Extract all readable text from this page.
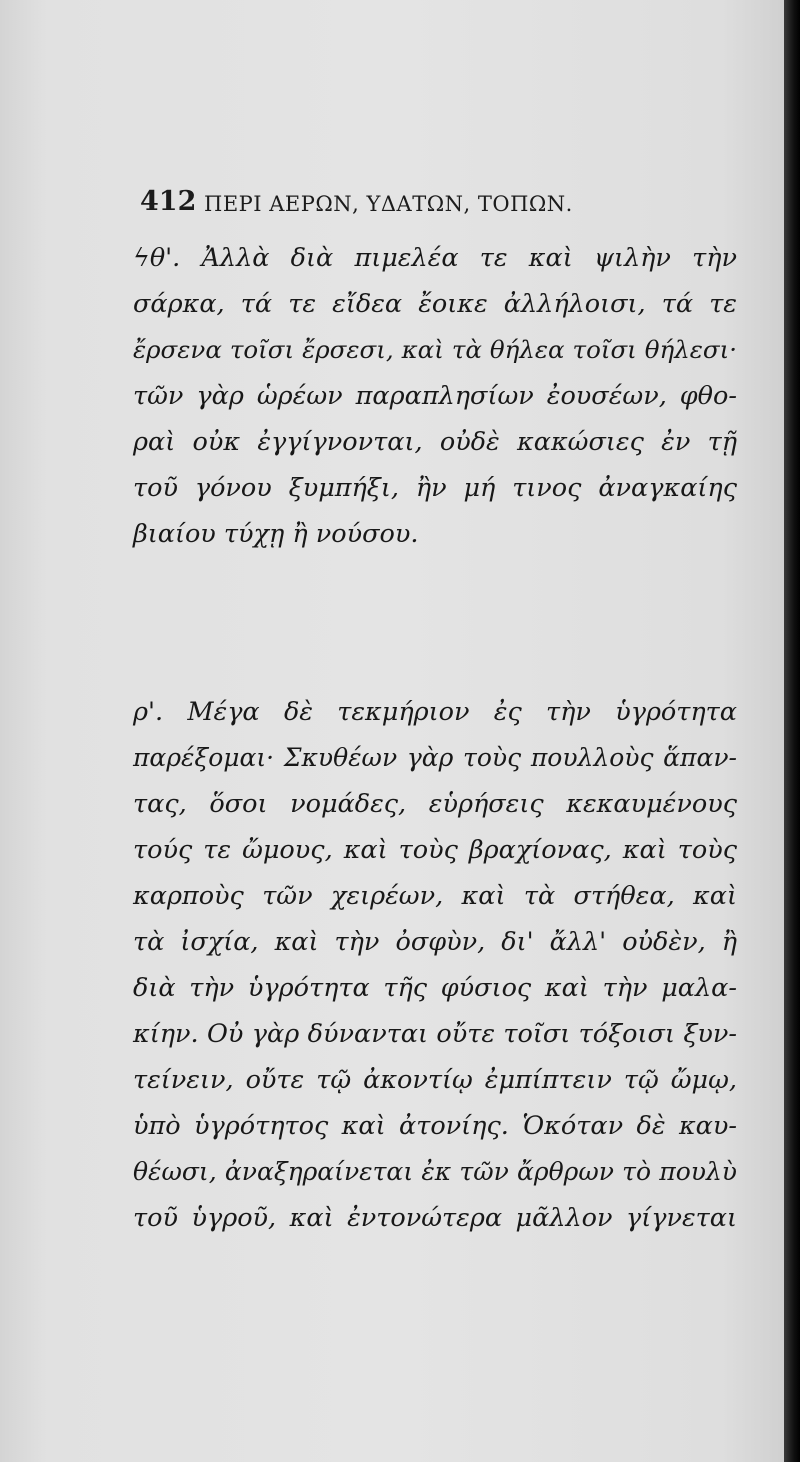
412 ΠΕΡΙ ΑΕΡΩΝ, ΥΔΑΤΩΝ, ΤΟΠΩΝ.
ϟθ'. Ἀλλὰ διὰ πιμελέα τε καὶ ψιλὴν τὴν
σάρκα, τά τε εἴδεα ἔοικε ἀλλήλοισι, τά τε
ἔρσενα τοῖσι ἔρσεσι, καὶ τὰ θήλεα τοῖσι θήλεσι·
τῶν γὰρ ὡρέων παραπλησίων ἐουσέων, φθο-
ραὶ οὐκ ἐγγίγνονται, οὐδὲ κακώσιες ἐν τῇ
τοῦ γόνου ξυμπήξι, ἢν μή τινος ἀναγκαίης
βιαίου τύχῃ ἢ νούσου.
ρ'. Μέγα δὲ τεκμήριον ἐς τὴν ὑγρότητα
παρέξομαι· Σκυθέων γὰρ τοὺς πουλλοὺς ἅπαν-
τας, ὅσοι νομάδες, εὑρήσεις κεκαυμένους
τούς τε ὤμους, καὶ τοὺς βραχίονας, καὶ τοὺς
καρποὺς τῶν χειρέων, καὶ τὰ στήθεα, καὶ
τὰ ἰσχία, καὶ τὴν ὀσφὺν, δι' ἄλλ' οὐδὲν, ἢ
διὰ τὴν ὑγρότητα τῆς φύσιος καὶ τὴν μαλα-
κίην. Οὐ γὰρ δύνανται οὔτε τοῖσι τόξοισι ξυν-
τείνειν, οὔτε τῷ ἀκοντίῳ ἐμπίπτειν τῷ ὤμῳ,
ὑπὸ ὑγρότητος καὶ ἀτονίης. Ὁκόταν δὲ καυ-
θέωσι, ἀναξηραίνεται ἐκ τῶν ἄρθρων τὸ πουλὺ
τοῦ ὑγροῦ, καὶ ἐντονώτερα μᾶλλον γίγνεται
